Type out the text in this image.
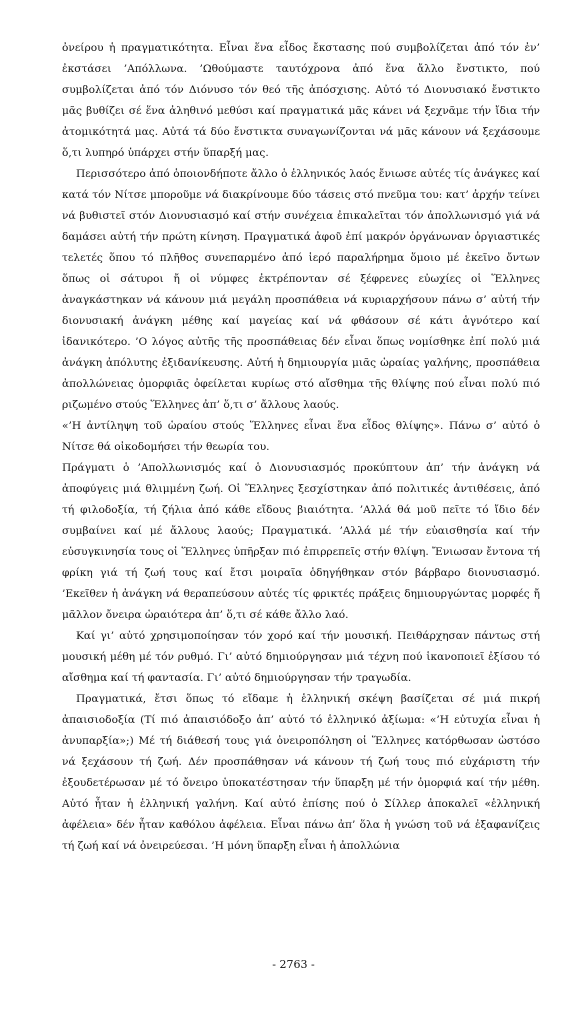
ὀνείρου ἡ πραγματικότητα. Εἶναι ἕνα εἶδος ἔκστασης πού συμβολίζεται ἀπό τόν ἐν’ ἐκστάσει ’Απόλλωνα. ’Ωθούμαστε ταυτόχρονα ἀπό ἕνα ἄλλο ἔνστικτο, πού συμβολίζεται ἀπό τόν Διόνυσο τόν θεό τῆς ἀπόσχισης. Αὐτό τό Διονυσιακό ἔνστικτο μᾶς βυθίζει σέ ἕνα ἀληθινό μεθύσι καί πραγματικά μᾶς κάνει νά ξεχνᾶμε τήν ἴδια τήν ἀτομικότητά μας. Αὐτά τά δύο ἔνστικτα συναγωνίζονται νά μᾶς κάνουν νά ξεχάσουμε ὅ,τι λυπηρό ὑπάρχει στήν ὕπαρξή μας.

Περισσότερο ἀπό ὁποιονδήποτε ἄλλο ὁ ἑλληνικός λαός ἔνιωσε αὐτές τίς ἀνάγκες καί κατά τόν Νίτσε μποροῦμε νά διακρίνουμε δύο τάσεις στό πνεῦμα του: κατ’ ἀρχήν τείνει νά βυθιστεῖ στόν Διονυσιασμό καί στήν συνέχεια ἐπικαλεῖται τόν ἀπολλωνισμό γιά νά δαμάσει αὐτή τήν πρώτη κίνηση. Πραγματικά ἀφοῦ ἐπί μακρόν ὀργάνωναν ὀργιαστικές τελετές ὅπου τό πλῆθος συνεπαρμένο ἀπό ἱερό παραλήρημα ὅμοιο μέ ἐκεῖνο ὄντων ὅπως οἱ σάτυροι ἤ οἱ νύμφες ἐκτρέπονταν σέ ξέφρενες εὐωχίες οἱ Ἕλληνες ἀναγκάστηκαν νά κάνουν μιά μεγάλη προσπάθεια νά κυριαρχήσουν πάνω σ’ αὐτή τήν διονυσιακή ἀνάγκη μέθης καί μαγείας καί νά φθάσουν σέ κάτι ἁγνότερο καί ἰδανικότερο. ’Ο λόγος αὐτῆς τῆς προσπάθειας δέν εἶναι ὅπως νομίσθηκε ἐπί πολύ μιά ἀνάγκη ἀπόλυτης ἐξιδανίκευσης. Αὐτή ἡ δημιουργία μιᾶς ὡραίας γαλήνης, προσπάθεια ἀπολλώνειας ὀμορφιᾶς ὀφείλεται κυρίως στό αἴσθημα τῆς θλίψης πού εἶναι πολύ πιό ριζωμένο στούς Ἕλληνες ἀπ’ ὅ,τι σ’ ἄλλους λαούς.

«’Η ἀντίληψη τοῦ ὡραίου στούς Ἕλληνες εἶναι ἕνα εἶδος θλίψης». Πάνω σ’ αὐτό ὁ Νίτσε θά οἰκοδομήσει τήν θεωρία του.

Πράγματι ὁ ’Απολλωνισμός καί ὁ Διονυσιασμός προκύπτουν ἀπ’ τήν ἀνάγκη νά ἀποφύγεις μιά θλιμμένη ζωή. Οἱ Ἕλληνες ξεσχίστηκαν ἀπό πολιτικές ἀντιθέσεις, ἀπό τή φιλοδοξία, τή ζήλια ἀπό κάθε εἴδους βιαιότητα. ’Αλλά θά μοῦ πεῖτε τό ἴδιο δέν συμβαίνει καί μέ ἄλλους λαούς; Πραγματικά. ’Αλλά μέ τήν εὐαισθησία καί τήν εὐσυγκινησία τους οἱ Ἕλληνες ὑπῆρξαν πιό ἐπιρρεπεῖς στήν θλίψη. Ἔνιωσαν ἔντονα τή φρίκη γιά τή ζωή τους καί ἔτσι μοιραῖα ὁδηγήθηκαν στόν βάρβαρο διονυσιασμό. ’Εκεῖθεν ἡ ἀνάγκη νά θεραπεύσουν αὐτές τίς φρικτές πράξεις δημιουργώντας μορφές ἤ μᾶλλον ὄνειρα ὡραιότερα ἀπ’ ὅ,τι σέ κάθε ἄλλο λαό.

Καί γι’ αὐτό χρησιμοποίησαν τόν χορό καί τήν μουσική. Πειθάρχησαν πάντως στή μουσική μέθη μέ τόν ρυθμό. Γι’ αὐτό δημιούργησαν μιά τέχνη πού ἱκανοποιεῖ ἐξίσου τό αἴσθημα καί τή φαντασία. Γι’ αὐτό δημιούργησαν τήν τραγωδία.

Πραγματικά, ἔτσι ὅπως τό εἴδαμε ἡ ἑλληνική σκέψη βασίζεται σέ μιά πικρή ἀπαισιοδοξία (Τί πιό ἀπαισιόδοξο ἀπ’ αὐτό τό ἑλληνικό ἀξίωμα: «’Η εὐτυχία εἶναι ἡ ἀνυπαρξία»;) Μέ τή διάθεσή τους γιά ὀνειροπόληση οἱ Ἕλληνες κατόρθωσαν ὡστόσο νά ξεχάσουν τή ζωή. Δέν προσπάθησαν νά κάνουν τή ζωή τους πιό εὐχάριστη τήν ἐξουδετέρωσαν μέ τό ὄνειρο ὑποκατέστησαν τήν ὕπαρξη μέ τήν ὀμορφιά καί τήν μέθη. Αὐτό ἦταν ἡ ἑλληνική γαλήνη. Καί αὐτό ἐπίσης πού ὁ Σίλλερ ἀποκαλεῖ «ἑλληνική ἀφέλεια» δέν ἦταν καθόλου ἀφέλεια. Εἶναι πάνω ἀπ’ ὅλα ἡ γνώση τοῦ νά ἐξαφανίζεις τή ζωή καί νά ὀνειρεύεσαι. ’Η μόνη ὕπαρξη εἶναι ἡ ἀπολλώνια

- 2763 -
